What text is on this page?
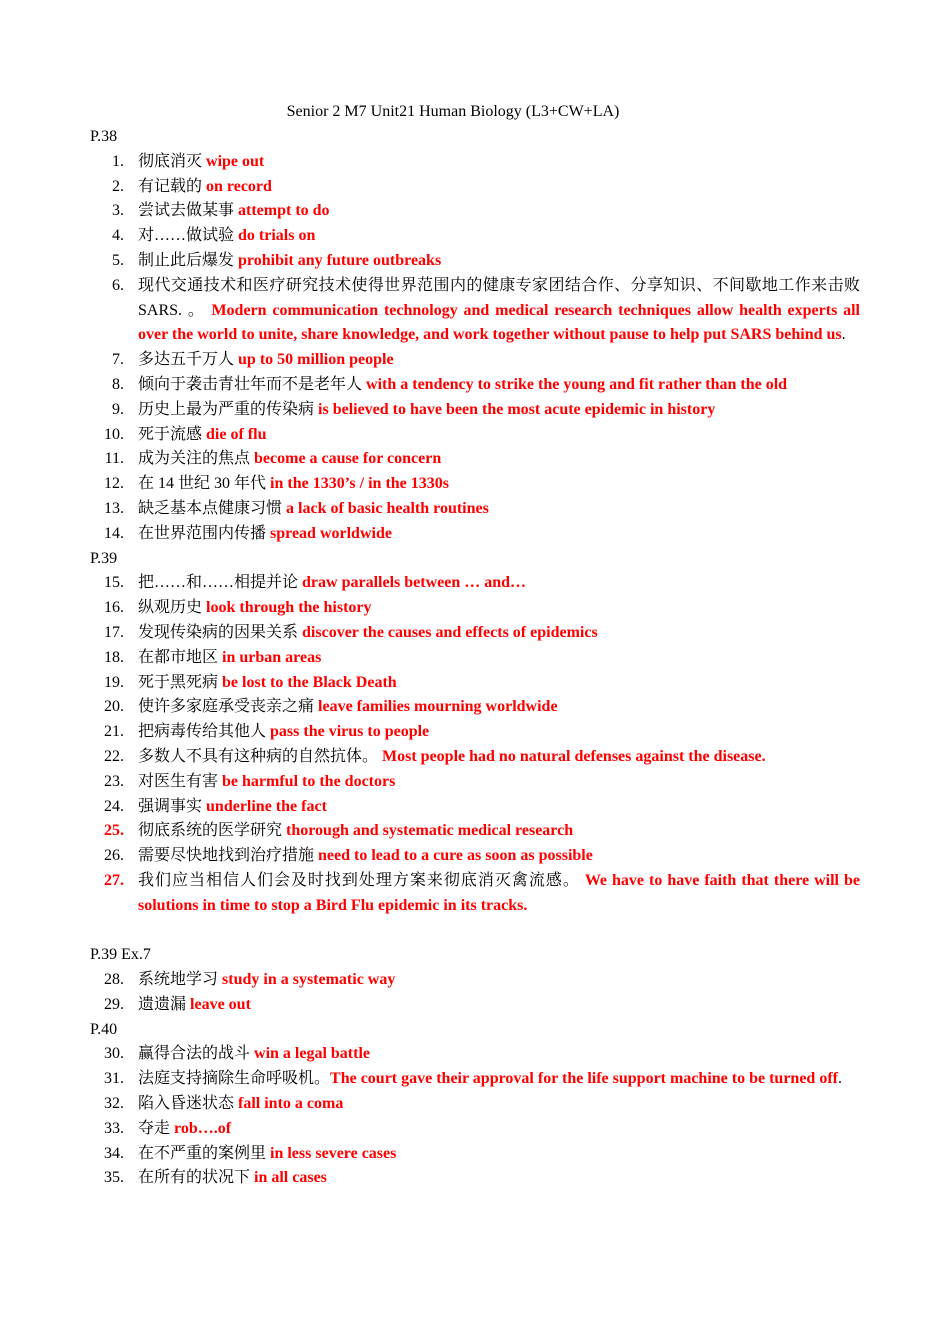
Senior 2 M7 Unit21 Human Biology (L3+CW+LA)
P.38
1. 彻底消灭 wipe out
2. 有记载的 on record
3. 尝试去做某事 attempt to do
4. 对……做试验 do trials on
5. 制止此后爆发 prohibit any future outbreaks
6. 现代交通技术和医疗研究技术使得世界范围内的健康专家团结合作、分享知识、不间歇地工作来击败 SARS. 。 Modern communication technology and medical research techniques allow health experts all over the world to unite, share knowledge, and work together without pause to help put SARS behind us.
7. 多达五千万人 up to 50 million people
8. 倾向于袭击青壮年而不是老年人 with a tendency to strike the young and fit rather than the old
9. 历史上最为严重的传染病 is believed to have been the most acute epidemic in history
10. 死于流感 die of flu
11. 成为关注的焦点 become a cause for concern
12. 在 14 世纪 30 年代 in the 1330’s / in the 1330s
13. 缺乏基本点健康习惯 a lack of basic health routines
14. 在世界范围内传播 spread worldwide
P.39
15. 把……和……相提并论 draw parallels between … and…
16. 纵观历史 look through the history
17. 发现传染病的因果关系 discover the causes and effects of epidemics
18. 在都市地区 in urban areas
19. 死于黑死病 be lost to the Black Death
20. 使许多家庭承受丧亲之痛 leave families mourning worldwide
21. 把病毒传给其他人 pass the virus to people
22. 多数人不具有这种病的自然抗体。 Most people had no natural defenses against the disease.
23. 对医生有害 be harmful to the doctors
24. 强调事实 underline the fact
25. 彻底系统的医学研究 thorough and systematic medical research
26. 需要尽快地找到治疗措施 need to lead to a cure as soon as possible
27. 我们应当相信人们会及时找到处理方案来彻底消灭禽流感。 We have to have faith that there will be solutions in time to stop a Bird Flu epidemic in its tracks.
P.39 Ex.7
28. 系统地学习 study in a systematic way
29. 遗遗漏 leave out
P.40
30. 赢得合法的战斗 win a legal battle
31. 法庭支持摘除生命呼吸机。The court gave their approval for the life support machine to be turned off.
32. 陷入昏迷状态 fall into a coma
33. 夺走 rob….of
34. 在不严重的案例里 in less severe cases
35. 在所有的状况下 in all cases
